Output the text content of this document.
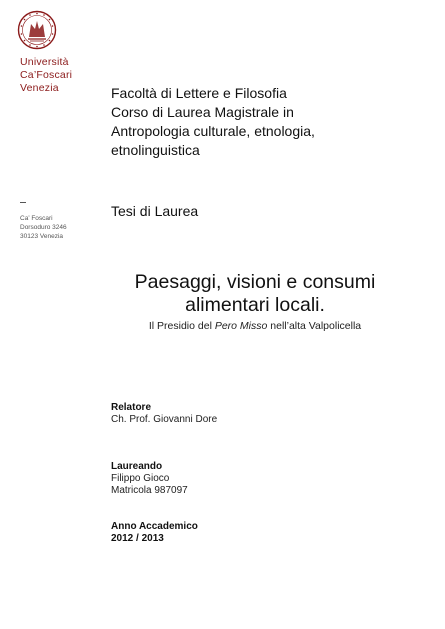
Università
Ca’Foscari
Venezia
Ca’ Foscari
Dorsoduro 3246
30123 Venezia
Facoltà di Lettere e Filosofia
Corso di Laurea Magistrale in
Antropologia culturale, etnologia,
etnolinguistica
Tesi di Laurea
Paesaggi, visioni e consumi
alimentari locali.
Il Presidio del Pero Misso nell’alta Valpolicella
Relatore
Ch. Prof. Giovanni Dore
Laureando
Filippo Gioco
Matricola 987097
Anno Accademico
2012 / 2013
